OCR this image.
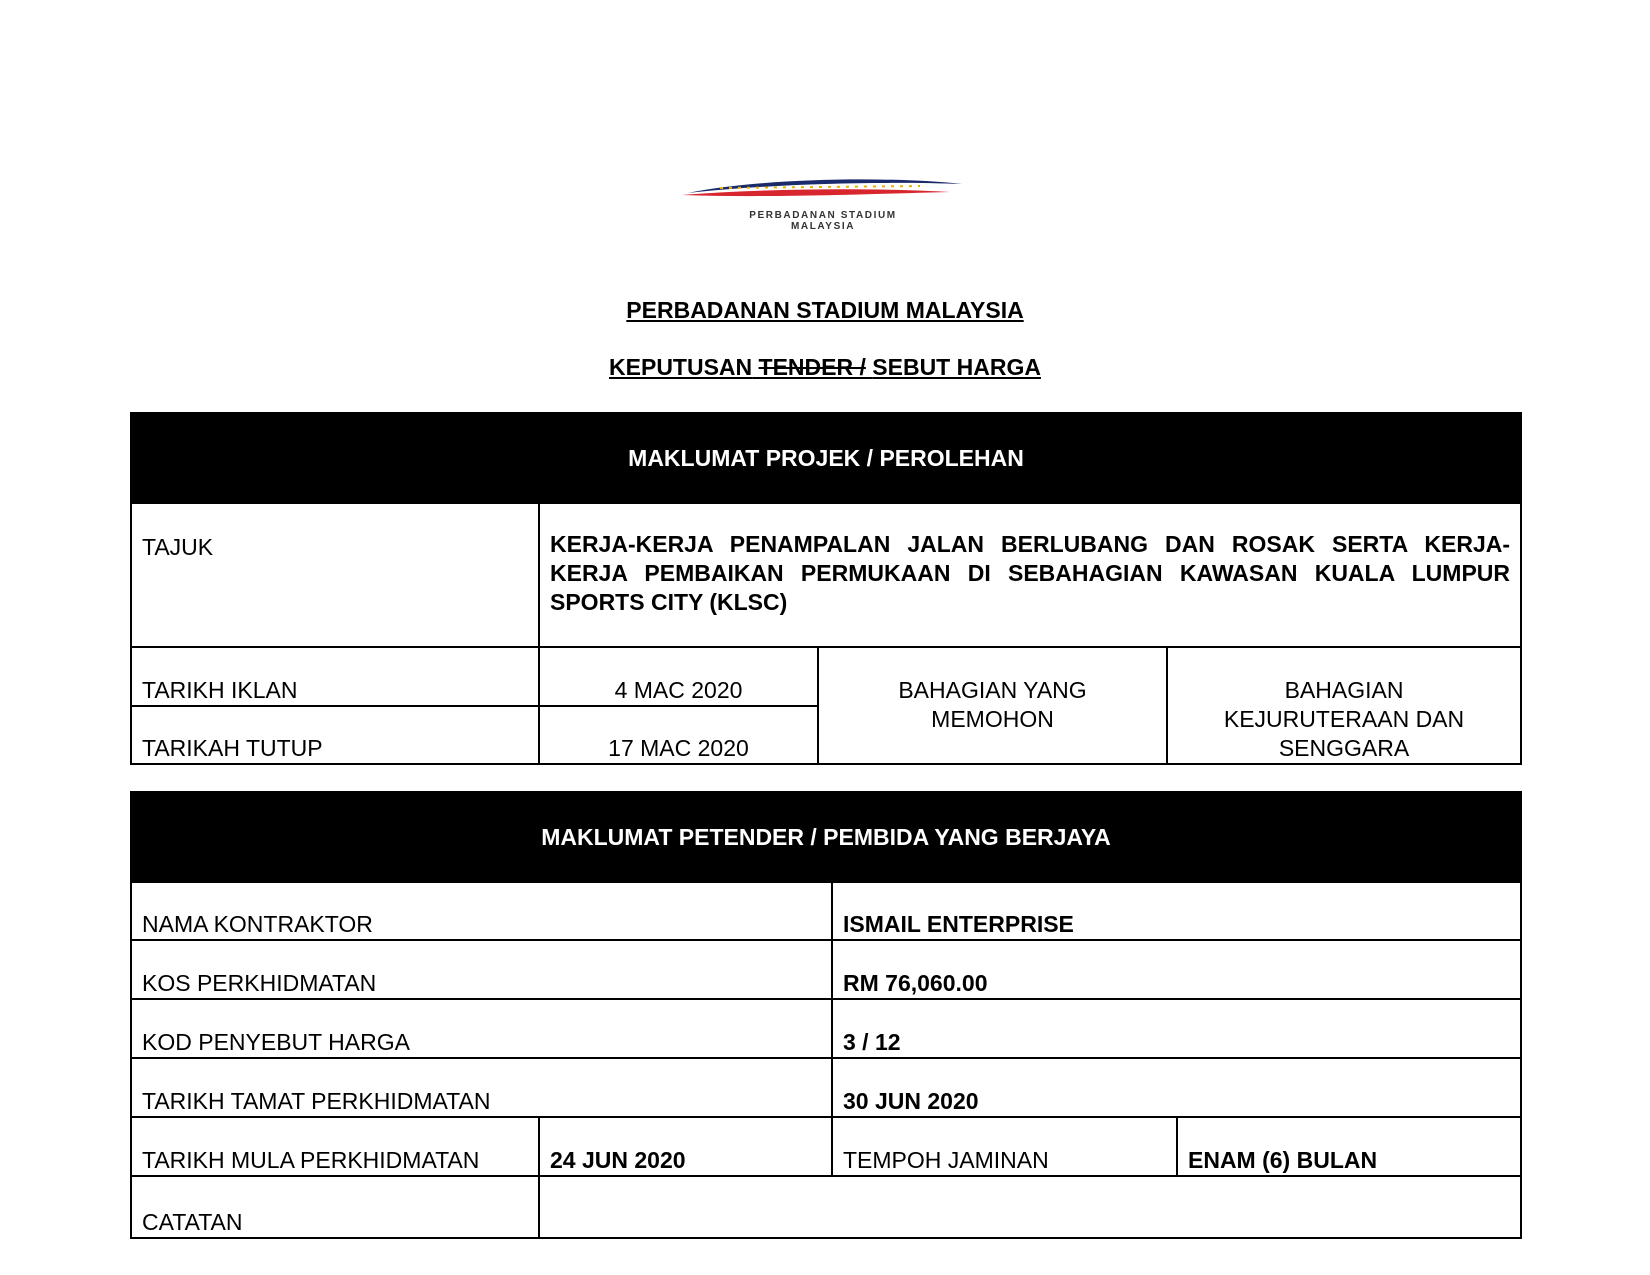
PERBADANAN STADIUM MALAYSIA
PERBADANAN STADIUM MALAYSIA
KEPUTUSAN TENDER / SEBUT HARGA
MAKLUMAT PROJEK / PEROLEHAN			
TAJUK	KERJA-KERJA PENAMPALAN JALAN BERLUBANG DAN ROSAK SERTA KERJA-KERJA PEMBAIKAN PERMUKAAN DI SEBAHAGIAN KAWASAN KUALA LUMPUR SPORTS CITY (KLSC)		
TARIKH IKLAN	4 MAC 2020	BAHAGIAN YANG MEMOHON	BAHAGIAN KEJURUTERAAN DAN SENGGARA
TARIKAH TUTUP	17 MAC 2020		
MAKLUMAT PETENDER / PEMBIDA YANG BERJAYA			
NAMA KONTRAKTOR		ISMAIL ENTERPRISE	
KOS PERKHIDMATAN		RM 76,060.00	
KOD PENYEBUT HARGA		3 / 12	
TARIKH TAMAT PERKHIDMATAN		30 JUN 2020	
TARIKH MULA PERKHIDMATAN	24 JUN 2020	TEMPOH JAMINAN	ENAM (6) BULAN
CATATAN			
